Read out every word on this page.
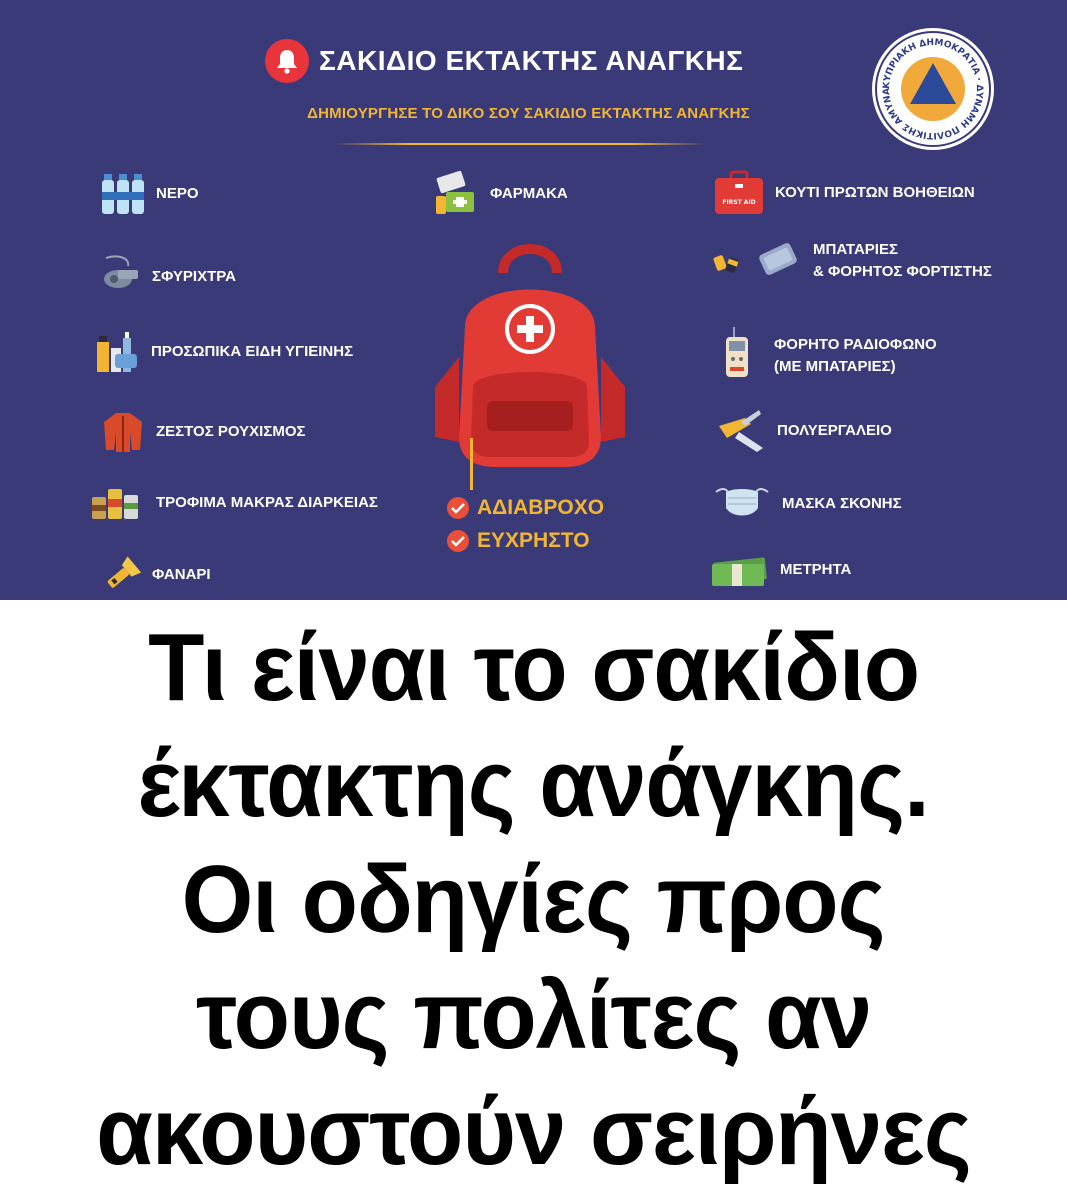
ΣΑΚΙΔΙΟ ΕΚΤΑΚΤΗΣ ΑΝΑΓΚΗΣ
ΔΗΜΙΟΥΡΓΗΣΕ ΤΟ ΔΙΚΟ ΣΟΥ ΣΑΚΙΔΙΟ ΕΚΤΑΚΤΗΣ ΑΝΑΓΚΗΣ
ΚΥΠΡΙΑΚΗ ΔΗΜΟΚΡΑΤΙΑ · ΔΥΝΑΜΗ ΠΟΛΙΤΙΚΗΣ ΑΜΥΝΑ
ΝΕΡΟ
ΣΦΥΡΙΧΤΡΑ
ΠΡΟΣΩΠΙΚΑ ΕΙΔΗ ΥΓΙΕΙΝΗΣ
ΖΕΣΤΟΣ ΡΟΥΧΙΣΜΟΣ
ΤΡΟΦΙΜΑ ΜΑΚΡΑΣ ΔΙΑΡΚΕΙΑΣ
ΦΑΝΑΡΙ
ΦΑΡΜΑΚΑ
ΑΔΙΑΒΡΟΧΟ
ΕΥΧΡΗΣΤΟ
FIRST AID
ΚΟΥΤΙ ΠΡΩΤΩΝ ΒΟΗΘΕΙΩΝ
ΜΠΑΤΑΡΙΕΣ
& ΦΟΡΗΤΟΣ ΦΟΡΤΙΣΤΗΣ
ΦΟΡΗΤΟ ΡΑΔΙΟΦΩΝΟ
(ΜΕ ΜΠΑΤΑΡΙΕΣ)
ΠΟΛΥΕΡΓΑΛΕΙΟ
ΜΑΣΚΑ ΣΚΟΝΗΣ
ΜΕΤΡΗΤΑ
Τι είναι το σακίδιο
έκτακτης ανάγκης.
Οι οδηγίες προς
τους πολίτες αν
ακουστούν σειρήνες
